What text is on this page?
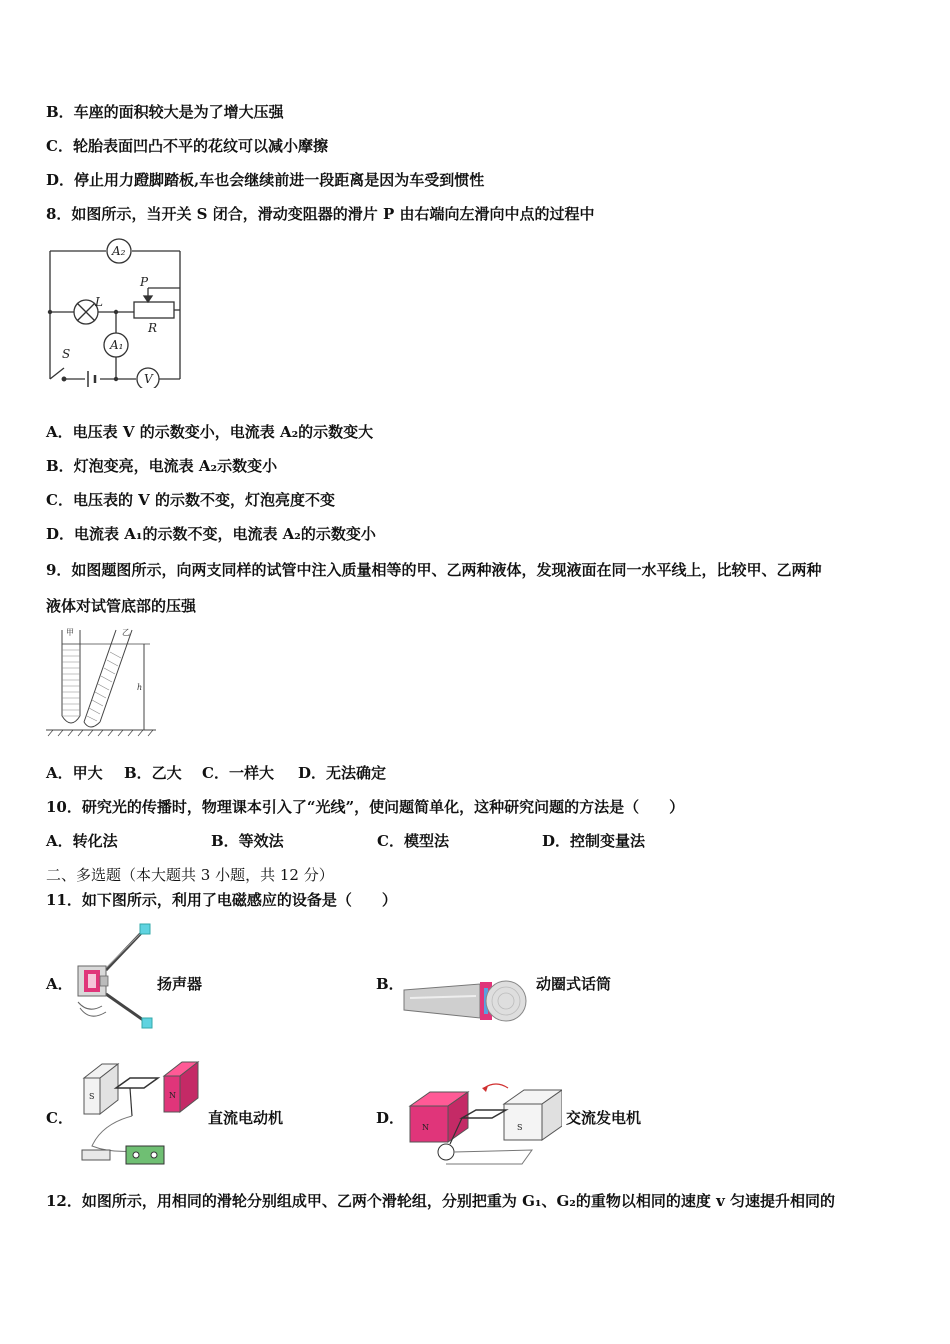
B．车座的面积较大是为了增大压强
C．轮胎表面凹凸不平的花纹可以减小摩擦
D．停止用力蹬脚踏板,车也会继续前进一段距离是因为车受到惯性
8．如图所示，当开关 S 闭合，滑动变阻器的滑片 P 由右端向左滑向中点的过程中
A₂
A₁
V
L
P
R
S
A．电压表 V 的示数变小，电流表 A₂的示数变大
B．灯泡变亮，电流表 A₂示数变小
C．电压表的 V 的示数不变，灯泡亮度不变
D．电流表 A₁的示数不变，电流表 A₂的示数变小
9．如图题图所示，向两支同样的试管中注入质量相等的甲、乙两种液体，发现液面在同一水平线上，比较甲、乙两种
液体对试管底部的压强
甲	乙
h
A．甲大 B．乙大 C．一样大 D．无法确定
10．研究光的传播时，物理课本引入了“光线”，使问题简单化，这种研究问题的方法是（　　）
A．转化法	B．等效法	C．模型法	D．控制变量法
二、多选题（本大题共 3 小题，共 12 分）
11．如下图所示，利用了电磁感应的设备是（　　）
A．	扬声器	B．	动圈式话筒
C．
S	N
直流电动机	D．
S
N
交流发电机
12．如图所示，用相同的滑轮分别组成甲、乙两个滑轮组，分别把重为 G₁、G₂的重物以相同的速度 v 匀速提升相同的
